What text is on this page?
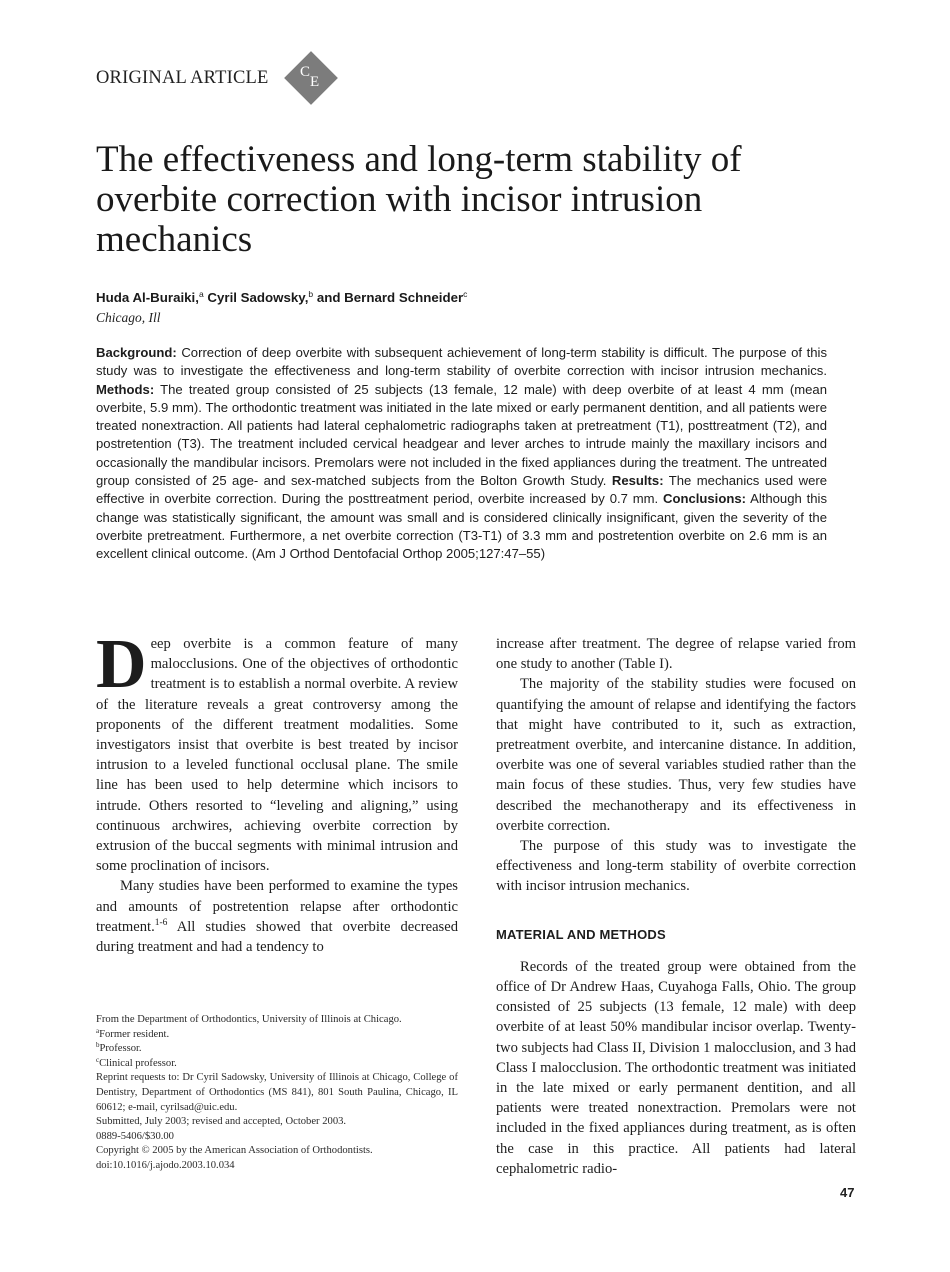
ORIGINAL ARTICLE C
E
The effectiveness and long-term stability of overbite correction with incisor intrusion mechanics
Huda Al-Buraiki,$^a$ Cyril Sadowsky,$^b$ and Bernard Schneider$^c$
Chicago, Ill

Background: Correction of deep overbite with subsequent achievement of long-term stability is difficult. The purpose of this study was to investigate the effectiveness and long-term stability of overbite correction with incisor intrusion mechanics. Methods: The treated group consisted of 25 subjects (13 female, 12 male) with deep overbite of at least 4 mm (mean overbite, 5.9 mm). The orthodontic treatment was initiated in the late mixed or early permanent dentition, and all patients were treated nonextraction. All patients had lateral cephalometric radiographs taken at pretreatment (T1), posttreatment (T2), and postretention (T3). The treatment included cervical headgear and lever arches to intrude mainly the maxillary incisors and occasionally the mandibular incisors. Premolars were not included in the fixed appliances during the treatment. The untreated group consisted of 25 age- and sex-matched subjects from the Bolton Growth Study. Results: The mechanics used were effective in overbite correction. During the posttreatment period, overbite increased by 0.7 mm. Conclusions: Although this change was statistically significant, the amount was small and is considered clinically insignificant, given the severity of the overbite pretreatment. Furthermore, a net overbite correction (T3-T1) of 3.3 mm and postretention overbite on 2.6 mm is an excellent clinical outcome. (Am J Orthod Dentofacial Orthop 2005;127:47–55)

Deep overbite is a common feature of many malocclusions. One of the objectives of orthodontic treatment is to establish a normal overbite. A review of the literature reveals a great controversy among the proponents of the different treatment modalities. Some investigators insist that overbite is best treated by incisor intrusion to a leveled functional occlusal plane. The smile line has been used to help determine which incisors to intrude. Others resorted to “leveling and aligning,” using continuous archwires, achieving overbite correction by extrusion of the buccal segments with minimal intrusion and some proclination of incisors.

Many studies have been performed to examine the types and amounts of postretention relapse after orthodontic treatment.$^{1-6}$ All studies showed that overbite decreased during treatment and had a tendency to

increase after treatment. The degree of relapse varied from one study to another (Table I).

The majority of the stability studies were focused on quantifying the amount of relapse and identifying the factors that might have contributed to it, such as extraction, pretreatment overbite, and intercanine distance. In addition, overbite was one of several variables studied rather than the main focus of these studies. Thus, very few studies have described the mechanotherapy and its effectiveness in overbite correction.

The purpose of this study was to investigate the effectiveness and long-term stability of overbite correction with incisor intrusion mechanics.

MATERIAL AND METHODS

Records of the treated group were obtained from the office of Dr Andrew Haas, Cuyahoga Falls, Ohio. The group consisted of 25 subjects (13 female, 12 male) with deep overbite of at least 50% mandibular incisor overlap. Twenty-two subjects had Class II, Division 1 malocclusion, and 3 had Class I malocclusion. The orthodontic treatment was initiated in the late mixed or early permanent dentition, and all patients were treated nonextraction. Premolars were not included in the fixed appliances during treatment, as is often the case in this practice. All patients had lateral cephalometric radio-

From the Department of Orthodontics, University of Illinois at Chicago.
$^a$Former resident.
$^b$Professor.
$^c$Clinical professor.
Reprint requests to: Dr Cyril Sadowsky, University of Illinois at Chicago, College of Dentistry, Department of Orthodontics (MS 841), 801 South Paulina, Chicago, IL 60612; e-mail, cyrilsad@uic.edu.
Submitted, July 2003; revised and accepted, October 2003.
0889-5406/$30.00
Copyright © 2005 by the American Association of Orthodontists.
doi:10.1016/j.ajodo.2003.10.034
47
